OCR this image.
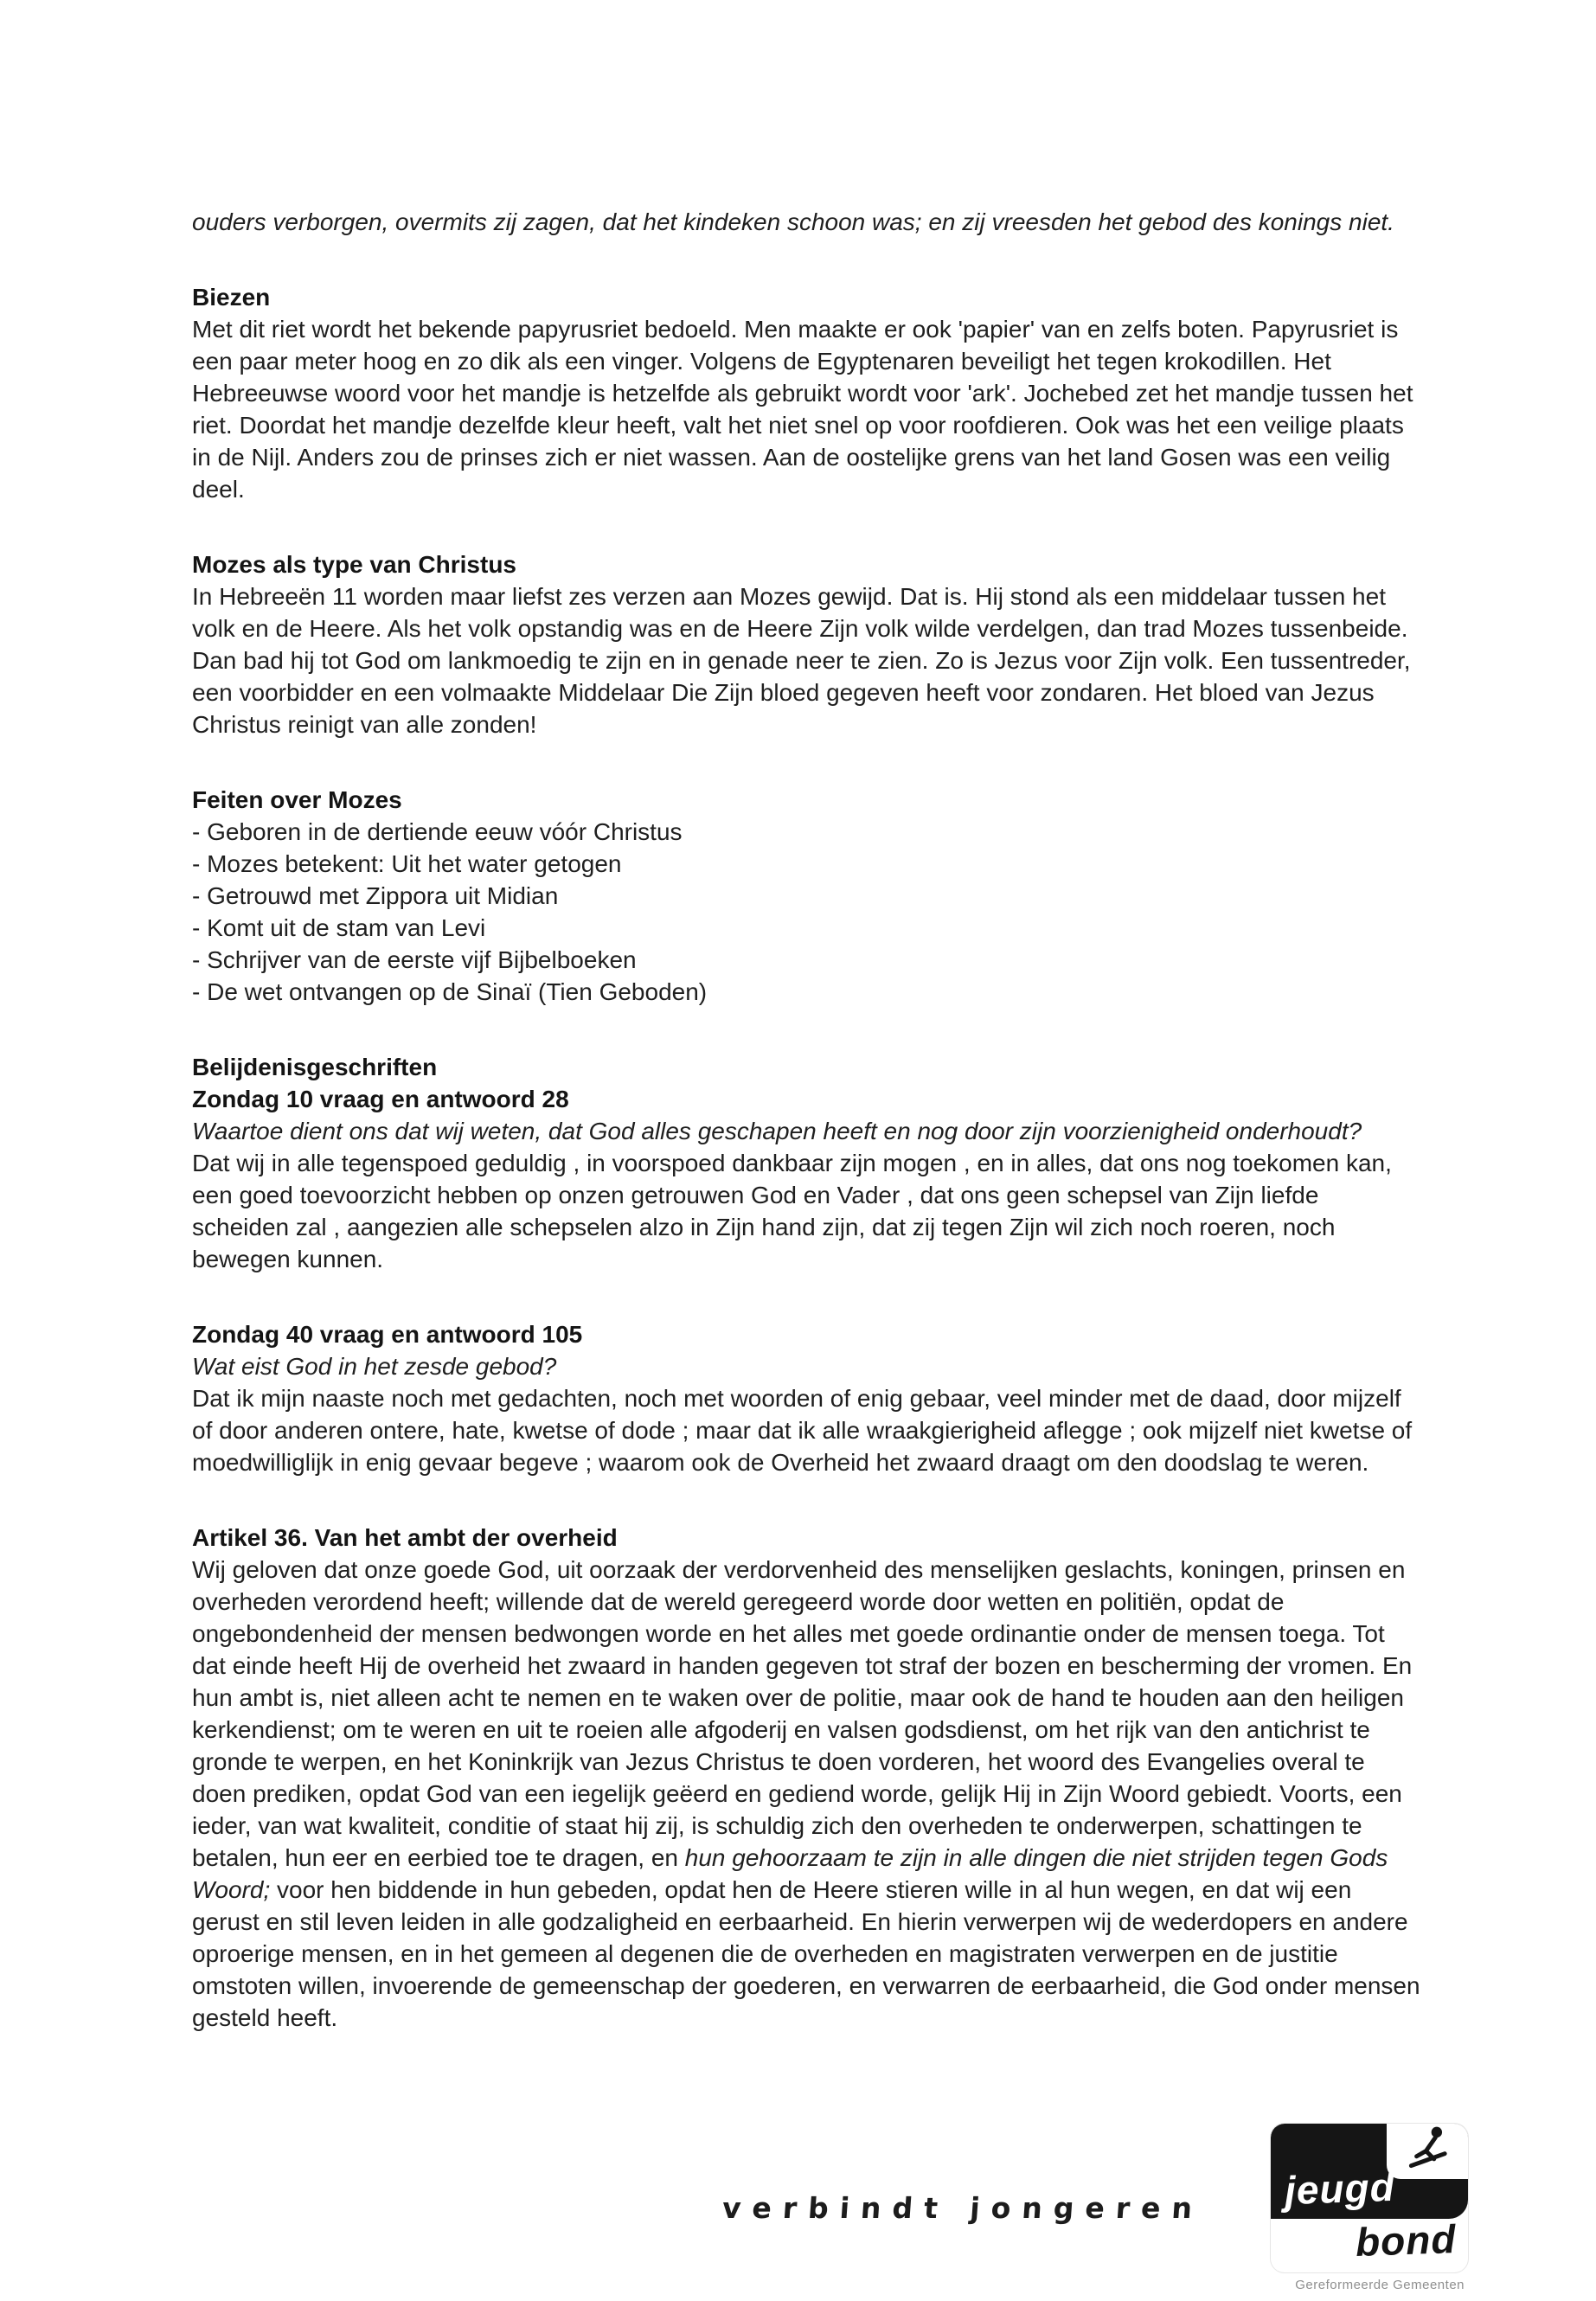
ouders verborgen, overmits zij zagen, dat het kindeken schoon was; en zij vreesden het gebod des konings niet.

Biezen

Met dit riet wordt het bekende papyrusriet bedoeld. Men maakte er ook 'papier' van en zelfs boten. Papyrusriet is een paar meter hoog en zo dik als een vinger. Volgens de Egyptenaren beveiligt het tegen krokodillen. Het Hebreeuwse woord voor het mandje is hetzelfde als gebruikt wordt voor 'ark'. Jochebed zet het mandje tussen het riet. Doordat het mandje dezelfde kleur heeft, valt het niet snel op voor roofdieren. Ook was het een veilige plaats in de Nijl. Anders zou de prinses zich er niet wassen. Aan de oostelijke grens van het land Gosen was een veilig deel.

Mozes als type van Christus

In Hebreeën 11 worden maar liefst zes verzen aan Mozes gewijd. Dat is. Hij stond als een middelaar tussen het volk en de Heere. Als het volk opstandig was en de Heere Zijn volk wilde verdelgen, dan trad Mozes tussenbeide. Dan bad hij tot God om lankmoedig te zijn en in genade neer te zien. Zo is Jezus voor Zijn volk. Een tussentreder, een voorbidder en een volmaakte Middelaar Die Zijn bloed gegeven heeft voor zondaren. Het bloed van Jezus Christus reinigt van alle zonden!

Feiten over Mozes
- Geboren in de dertiende eeuw vóór Christus
- Mozes betekent: Uit het water getogen
- Getrouwd met Zippora uit Midian
- Komt uit de stam van Levi
- Schrijver van de eerste vijf Bijbelboeken
- De wet ontvangen op de Sinaï (Tien Geboden)
Belijdenisgeschriften
Zondag 10 vraag en antwoord 28

Waartoe dient ons dat wij weten, dat God alles geschapen heeft en nog door zijn voorzienigheid onderhoudt?

Dat wij in alle tegenspoed geduldig , in voorspoed dankbaar zijn mogen , en in alles, dat ons nog toekomen kan, een goed toevoorzicht hebben op onzen getrouwen God en Vader , dat ons geen schepsel van Zijn liefde scheiden zal , aangezien alle schepselen alzo in Zijn hand zijn, dat zij tegen Zijn wil zich noch roeren, noch bewegen kunnen.

Zondag 40 vraag en antwoord 105

Wat eist God in het zesde gebod?

Dat ik mijn naaste noch met gedachten, noch met woorden of enig gebaar, veel minder met de daad, door mijzelf of door anderen ontere, hate, kwetse of dode ; maar dat ik alle wraakgierigheid aflegge ; ook mijzelf niet kwetse of moedwilliglijk in enig gevaar begeve ; waarom ook de Overheid het zwaard draagt om den doodslag te weren.

Artikel 36. Van het ambt der overheid

Wij geloven dat onze goede God, uit oorzaak der verdorvenheid des menselijken geslachts, koningen, prinsen en overheden verordend heeft; willende dat de wereld geregeerd worde door wetten en politiën, opdat de ongebondenheid der mensen bedwongen worde en het alles met goede ordinantie onder de mensen toega. Tot dat einde heeft Hij de overheid het zwaard in handen gegeven tot straf der bozen en bescherming der vromen. En hun ambt is, niet alleen acht te nemen en te waken over de politie, maar ook de hand te houden aan den heiligen kerkendienst; om te weren en uit te roeien alle afgoderij en valsen godsdienst, om het rijk van den antichrist te gronde te werpen, en het Koninkrijk van Jezus Christus te doen vorderen, het woord des Evangelies overal te doen prediken, opdat God van een iegelijk geëerd en gediend worde, gelijk Hij in Zijn Woord gebiedt. Voorts, een ieder, van wat kwaliteit, conditie of staat hij zij, is schuldig zich den overheden te onderwerpen, schattingen te betalen, hun eer en eerbied toe te dragen, en hun gehoorzaam te zijn in alle dingen die niet strijden tegen Gods Woord; voor hen biddende in hun gebeden, opdat hen de Heere stieren wille in al hun wegen, en dat wij een gerust en stil leven leiden in alle godzaligheid en eerbaarheid. En hierin verwerpen wij de wederdopers en andere oproerige mensen, en in het gemeen al degenen die de overheden en magistraten verwerpen en de justitie omstoten willen, invoerende de gemeenschap der goederen, en verwarren de eerbaarheid, die God onder mensen gesteld heeft.

verbindt jongeren jeugd
bond
Gereformeerde Gemeenten
